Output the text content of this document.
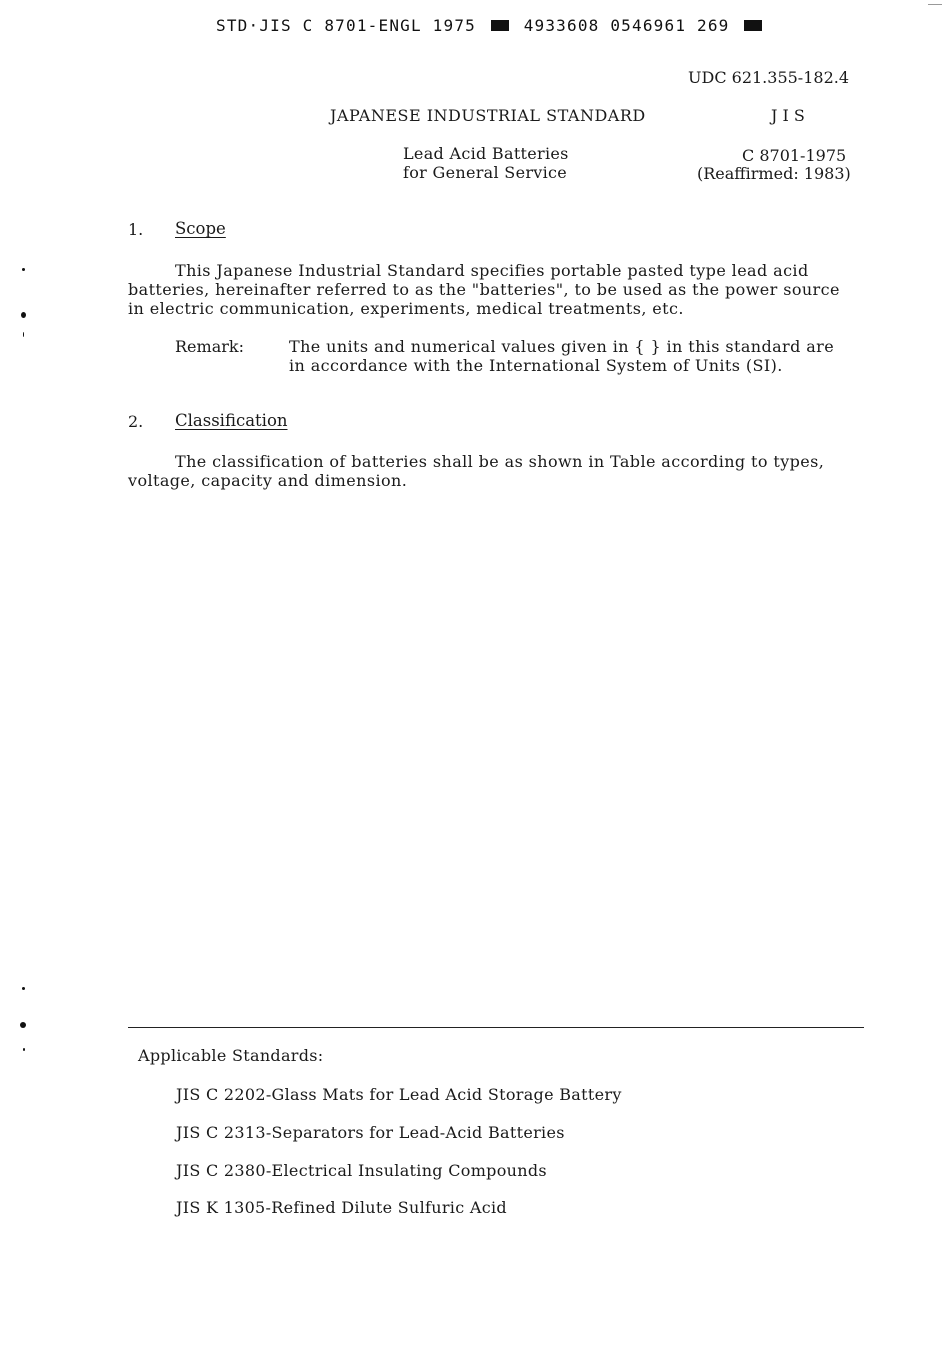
STD·JIS C 8701-ENGL 1975	4933608 0546961 269
UDC 621.355-182.4
JAPANESE INDUSTRIAL STANDARD	J I S
Lead Acid Batteries
for General Service
C 8701-1975
(Reaffirmed: 1983)
1. Scope
This Japanese Industrial Standard specifies portable pasted type lead acid
batteries, hereinafter referred to as the "batteries", to be used as the power source
in electric communication, experiments, medical treatments, etc.
Remark:	The units and numerical values given in { } in this standard are
in accordance with the International System of Units (SI).
2. Classification
The classification of batteries shall be as shown in Table according to types,
voltage, capacity and dimension.
Applicable Standards:
JIS C 2202-Glass Mats for Lead Acid Storage Battery
JIS C 2313-Separators for Lead-Acid Batteries
JIS C 2380-Electrical Insulating Compounds
JIS K 1305-Refined Dilute Sulfuric Acid
